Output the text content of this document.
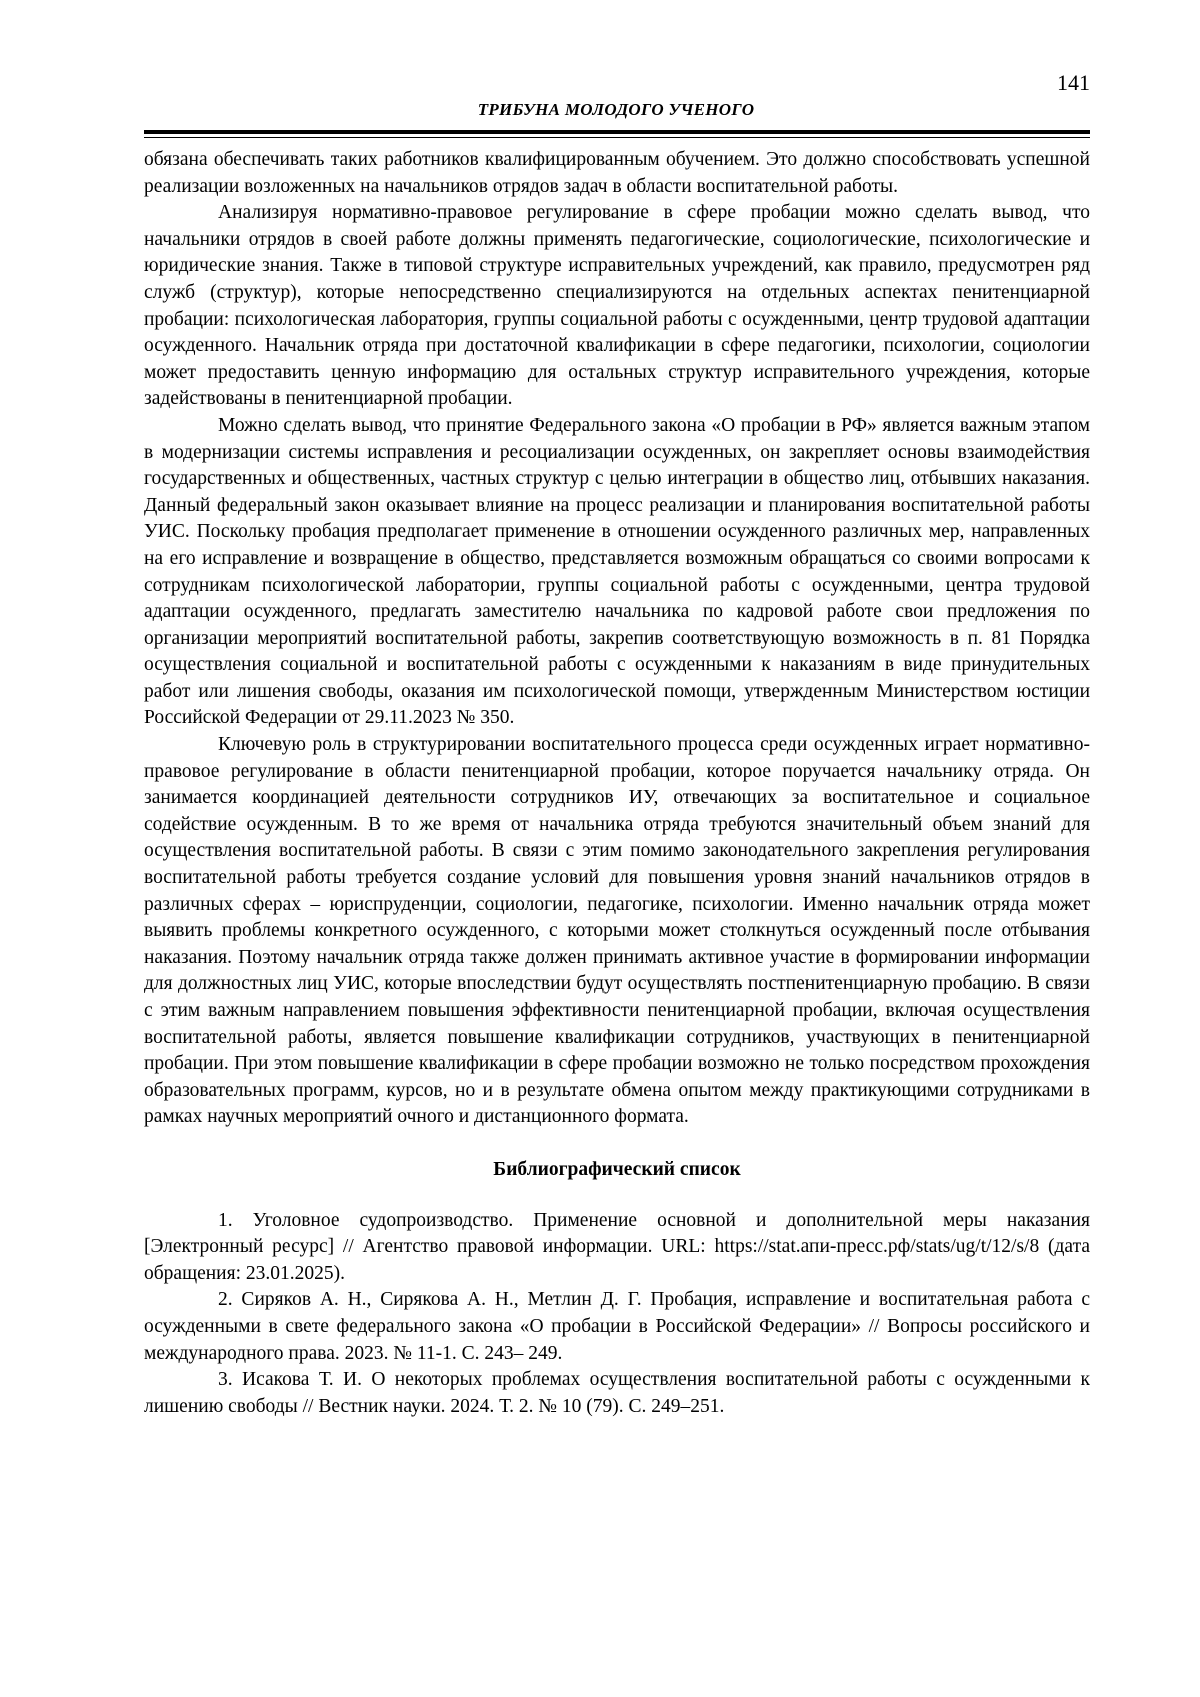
141
ТРИБУНА МОЛОДОГО УЧЕНОГО

обязана обеспечивать таких работников квалифицированным обучением. Это должно способствовать успешной реализации возложенных на начальников отрядов задач в области воспитательной работы.

Анализируя нормативно-правовое регулирование в сфере пробации можно сделать вывод, что начальники отрядов в своей работе должны применять педагогические, социологические, психологические и юридические знания. Также в типовой структуре исправительных учреждений, как правило, предусмотрен ряд служб (структур), которые непосредственно специализируются на отдельных аспектах пенитенциарной пробации: психологическая лаборатория, группы социальной работы с осужденными, центр трудовой адаптации осужденного. Начальник отряда при достаточной квалификации в сфере педагогики, психологии, социологии может предоставить ценную информацию для остальных структур исправительного учреждения, которые задействованы в пенитенциарной пробации.

Можно сделать вывод, что принятие Федерального закона «О пробации в РФ» является важным этапом в модернизации системы исправления и ресоциализации осужденных, он закрепляет основы взаимодействия государственных и общественных, частных структур с целью интеграции в общество лиц, отбывших наказания. Данный федеральный закон оказывает влияние на процесс реализации и планирования воспитательной работы УИС. Поскольку пробация предполагает применение в отношении осужденного различных мер, направленных на его исправление и возвращение в общество, представляется возможным обращаться со своими вопросами к сотрудникам психологической лаборатории, группы социальной работы с осужденными, центра трудовой адаптации осужденного, предлагать заместителю начальника по кадровой работе свои предложения по организации мероприятий воспитательной работы, закрепив соответствующую возможность в п. 81 Порядка осуществления социальной и воспитательной работы с осужденными к наказаниям в виде принудительных работ или лишения свободы, оказания им психологической помощи, утвержденным Министерством юстиции Российской Федерации от 29.11.2023 № 350.

Ключевую роль в структурировании воспитательного процесса среди осужденных играет нормативно-правовое регулирование в области пенитенциарной пробации, которое поручается начальнику отряда. Он занимается координацией деятельности сотрудников ИУ, отвечающих за воспитательное и социальное содействие осужденным. В то же время от начальника отряда требуются значительный объем знаний для осуществления воспитательной работы. В связи с этим помимо законодательного закрепления регулирования воспитательной работы требуется создание условий для повышения уровня знаний начальников отрядов в различных сферах – юриспруденции, социологии, педагогике, психологии. Именно начальник отряда может выявить проблемы конкретного осужденного, с которыми может столкнуться осужденный после отбывания наказания. Поэтому начальник отряда также должен принимать активное участие в формировании информации для должностных лиц УИС, которые впоследствии будут осуществлять постпенитенциарную пробацию. В связи с этим важным направлением повышения эффективности пенитенциарной пробации, включая осуществления воспитательной работы, является повышение квалификации сотрудников, участвующих в пенитенциарной пробации. При этом повышение квалификации в сфере пробации возможно не только посредством прохождения образовательных программ, курсов, но и в результате обмена опытом между практикующими сотрудниками в рамках научных мероприятий очного и дистанционного формата.

Библиографический список

1. Уголовное судопроизводство. Применение основной и дополнительной меры наказания [Электронный ресурс] // Агентство правовой информации. URL: https://stat.апи-пресс.рф/stats/ug/t/12/s/8 (дата обращения: 23.01.2025).

2. Сиряков А. Н., Сирякова А. Н., Метлин Д. Г. Пробация, исправление и воспитательная работа с осужденными в свете федерального закона «О пробации в Российской Федерации» // Вопросы российского и международного права. 2023. № 11-1. С. 243– 249.

3. Исакова Т. И. О некоторых проблемах осуществления воспитательной работы с осужденными к лишению свободы // Вестник науки. 2024. Т. 2. № 10 (79). С. 249–251.
